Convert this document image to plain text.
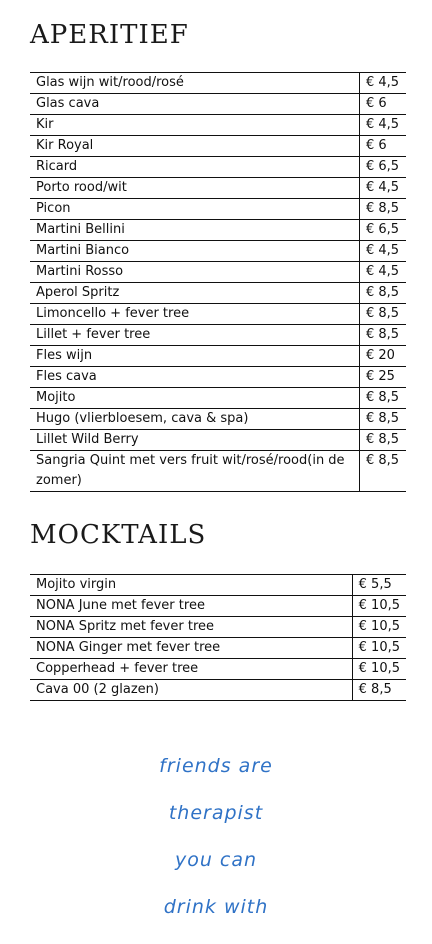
APERITIEF
Glas wijn wit/rood/rosé	€ 4,5
Glas cava	€ 6
Kir	€ 4,5
Kir Royal	€ 6
Ricard	€ 6,5
Porto rood/wit	€ 4,5
Picon	€ 8,5
Martini Bellini	€ 6,5
Martini Bianco	€ 4,5
Martini Rosso	€ 4,5
Aperol Spritz	€ 8,5
Limoncello + fever tree	€ 8,5
Lillet + fever tree	€ 8,5
Fles wijn	€ 20
Fles cava	€ 25
Mojito	€ 8,5
Hugo (vlierbloesem, cava & spa)	€ 8,5
Lillet Wild Berry	€ 8,5
Sangria Quint met vers fruit wit/rosé/rood(in de zomer)	€ 8,5
MOCKTAILS
Mojito virgin	€ 5,5
NONA June met fever tree	€ 10,5
NONA Spritz met fever tree	€ 10,5
NONA Ginger met fever tree	€ 10,5
Copperhead + fever tree	€ 10,5
Cava 00 (2 glazen)	€ 8,5
friends are
therapist
you can
drink with
